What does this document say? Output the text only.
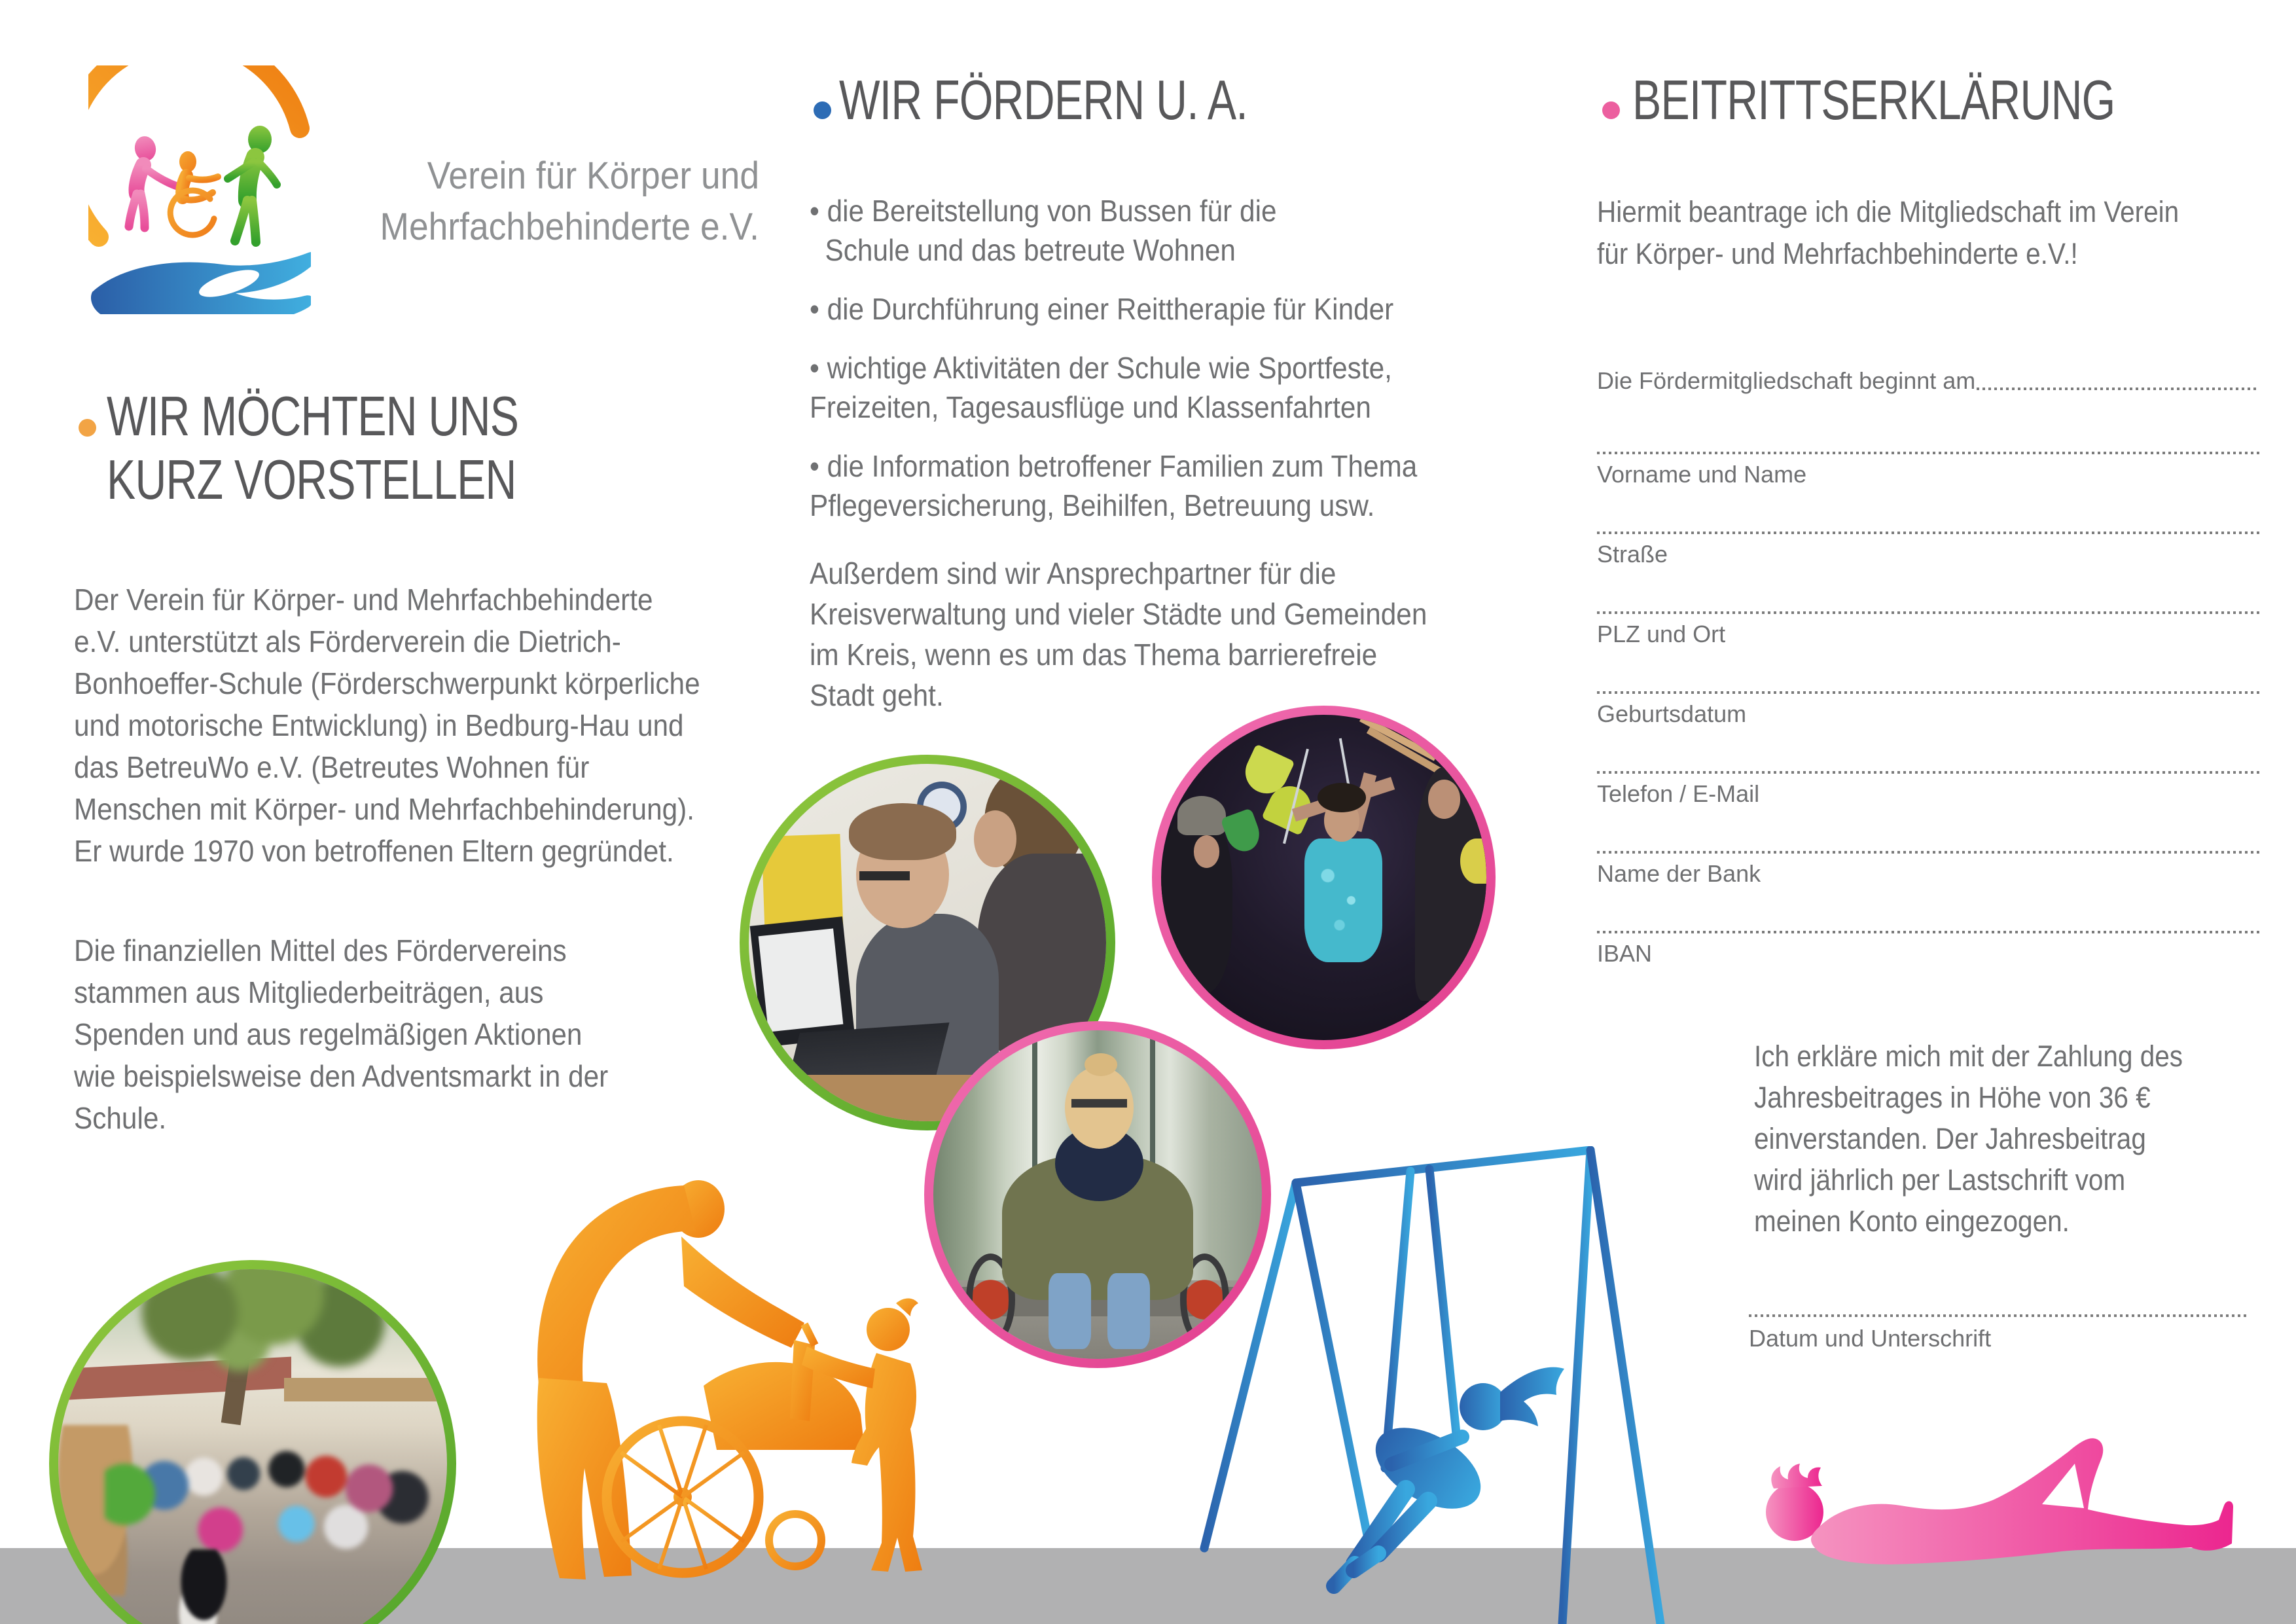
Verein für Körper und
Mehrfachbehinderte e.V.
WIR MÖCHTEN UNS
KURZ VORSTELLEN
Der Verein für Körper- und Mehrfachbehinderte
e.V. unterstützt als Förderverein die Dietrich-
Bonhoeffer-Schule (Förderschwerpunkt körperliche
und motorische Entwicklung) in Bedburg-Hau und
das BetreuWo e.V. (Betreutes Wohnen für
Menschen mit Körper- und Mehrfachbehinderung).
Er wurde 1970 von betroffenen Eltern gegründet.
Die finanziellen Mittel des Fördervereins
stammen aus Mitgliederbeiträgen, aus
Spenden und aus regelmäßigen Aktionen
wie beispielsweise den Adventsmarkt in der
Schule.
WIR FÖRDERN U. A.
• die Bereitstellung von Bussen für die
Schule und das betreute Wohnen
• die Durchführung einer Reittherapie für Kinder
• wichtige Aktivitäten der Schule wie Sportfeste,
Freizeiten, Tagesausflüge und Klassenfahrten
• die Information betroffener Familien zum Thema
Pflegeversicherung, Beihilfen, Betreuung usw.
Außerdem sind wir Ansprechpartner für die
Kreisverwaltung und vieler Städte und Gemeinden
im Kreis, wenn es um das Thema barrierefreie
Stadt geht.
BEITRITTSERKLÄRUNG
Hiermit beantrage ich die Mitgliedschaft im Verein
für Körper- und Mehrfachbehinderte e.V.!
Die Fördermitgliedschaft beginnt am
Vorname und Name
Straße
PLZ und Ort
Geburtsdatum
Telefon / E-Mail
Name der Bank
IBAN
Ich erkläre mich mit der Zahlung des
Jahresbeitrages in Höhe von 36 €
einverstanden. Der Jahresbeitrag
wird jährlich per Lastschrift vom
meinen Konto eingezogen.
Datum und Unterschrift
